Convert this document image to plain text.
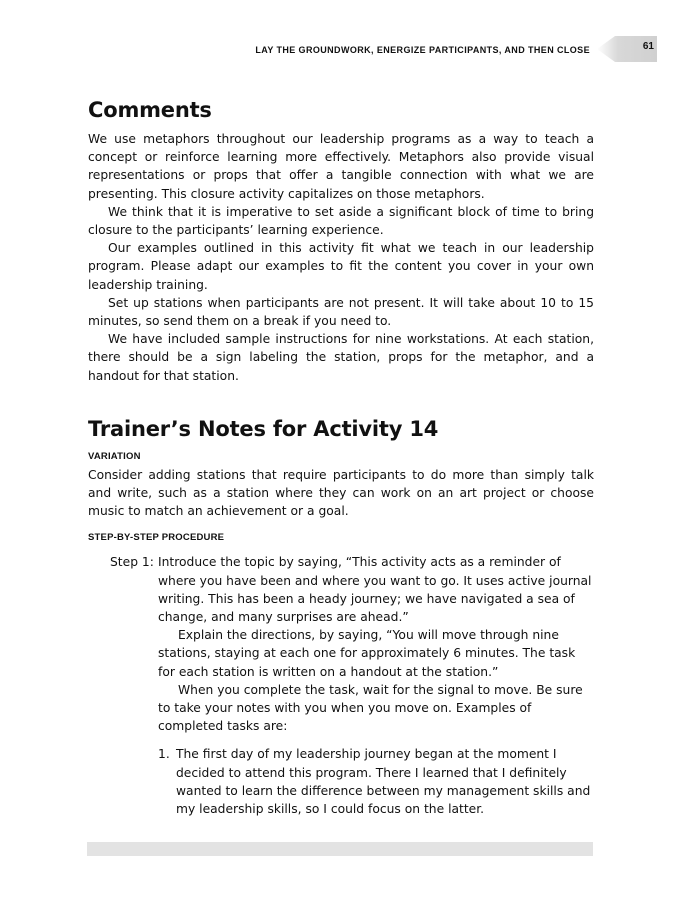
LAY THE GROUNDWORK, ENERGIZE PARTICIPANTS, AND THEN CLOSE	61
Comments

We use metaphors throughout our leadership programs as a way to teach a concept or reinforce learning more effectively. Metaphors also provide visual representations or props that offer a tangible connection with what we are presenting. This closure activity capitalizes on those metaphors.

We think that it is imperative to set aside a significant block of time to bring closure to the participants’ learning experience.

Our examples outlined in this activity fit what we teach in our leadership program. Please adapt our examples to fit the content you cover in your own leadership training.

Set up stations when participants are not present. It will take about 10 to 15 minutes, so send them on a break if you need to.

We have included sample instructions for nine workstations. At each station, there should be a sign labeling the station, props for the metaphor, and a handout for that station.

Trainer’s Notes for Activity 14
VARIATION

Consider adding stations that require participants to do more than simply talk and write, such as a station where they can work on an art project or choose music to match an achievement or a goal.

STEP-BY-STEP PROCEDURE
Step 1: Introduce the topic by saying, “This activity acts as a reminder of where you have been and where you want to go. It uses active journal writing. This has been a heady journey; we have navigated a sea of change, and many surprises are ahead.”

Explain the directions, by saying, “You will move through nine stations, staying at each one for approximately 6 minutes. The task for each station is written on a handout at the station.”

When you complete the task, wait for the signal to move. Be sure to take your notes with you when you move on. Examples of completed tasks are:

1. The first day of my leadership journey began at the moment I decided to attend this program. There I learned that I definitely wanted to learn the difference between my management skills and my leadership skills, so I could focus on the latter.
